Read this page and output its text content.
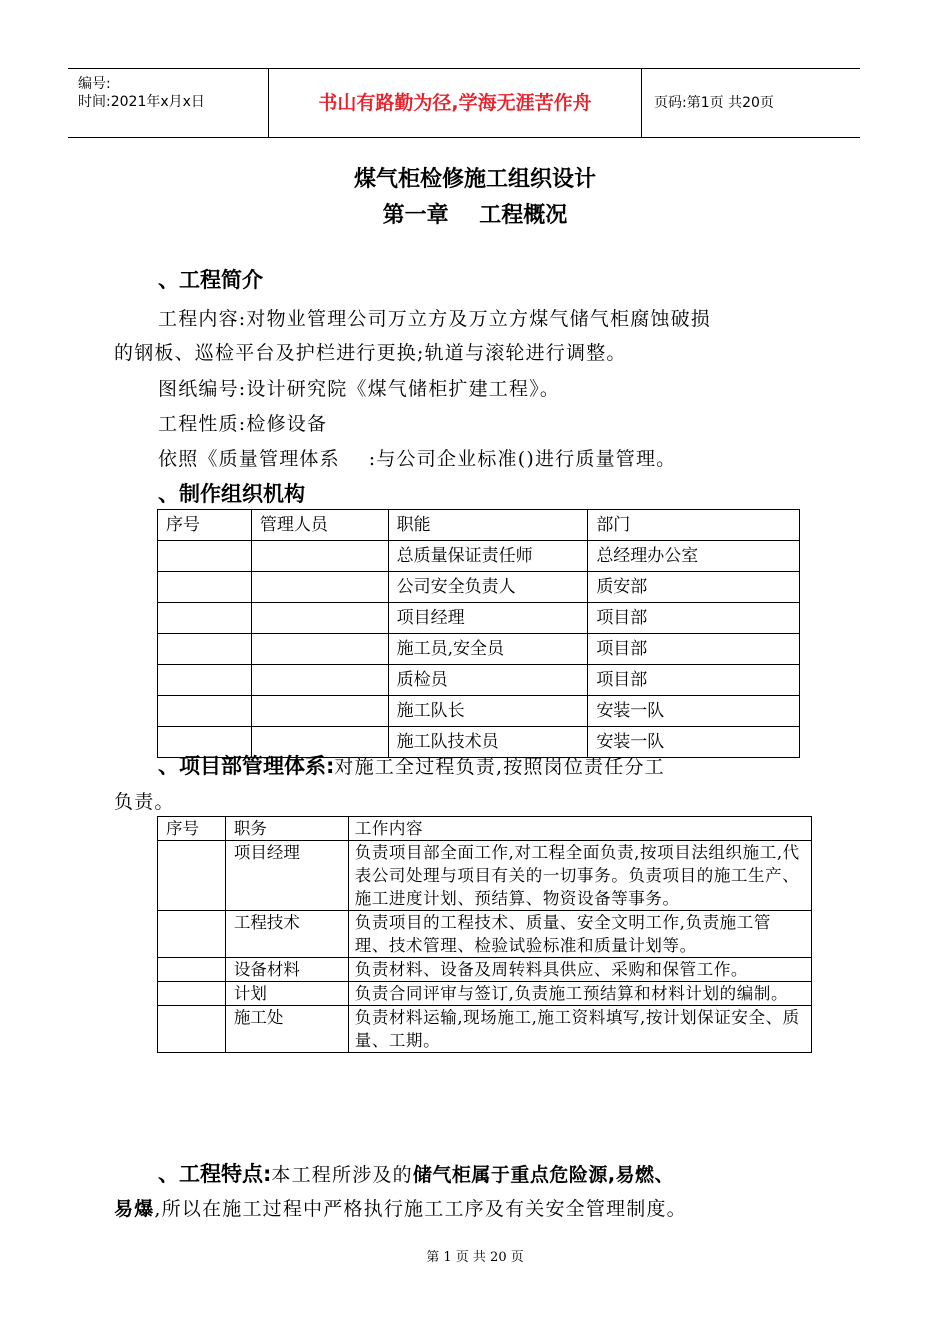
编号:
时间:2021年x月x日	书山有路勤为径,学海无涯苦作舟	页码:第1页 共20页
煤气柜检修施工组织设计
第一章    工程概况
、工程简介
工程内容:对物业管理公司万立方及万立方煤气储气柜腐蚀破损
的钢板、巡检平台及护栏进行更换;轨道与滚轮进行调整。
图纸编号:设计研究院《煤气储柜扩建工程》。
工程性质:检修设备
依照《质量管理体系    :与公司企业标准()进行质量管理。
、制作组织机构
序号	管理人员	职能	部门
		总质量保证责任师	总经理办公室
		公司安全负责人	质安部
		项目经理	项目部
		施工员,安全员	项目部
		质检员	项目部
		施工队长	安装一队
		施工队技术员	安装一队
、项目部管理体系:对施工全过程负责,按照岗位责任分工
负责。
序号	职务	工作内容
	项目经理	负责项目部全面工作,对工程全面负责,按项目法组织施工,代表公司处理与项目有关的一切事务。负责项目的施工生产、施工进度计划、预结算、物资设备等事务。
	工程技术	负责项目的工程技术、质量、安全文明工作,负责施工管理、技术管理、检验试验标准和质量计划等。
	设备材料	负责材料、设备及周转料具供应、采购和保管工作。
	计划	负责合同评审与签订,负责施工预结算和材料计划的编制。
	施工处	负责材料运输,现场施工,施工资料填写,按计划保证安全、质量、工期。
、工程特点:本工程所涉及的储气柜属于重点危险源,易燃、
易爆,所以在施工过程中严格执行施工工序及有关安全管理制度。
第 1 页 共 20 页
